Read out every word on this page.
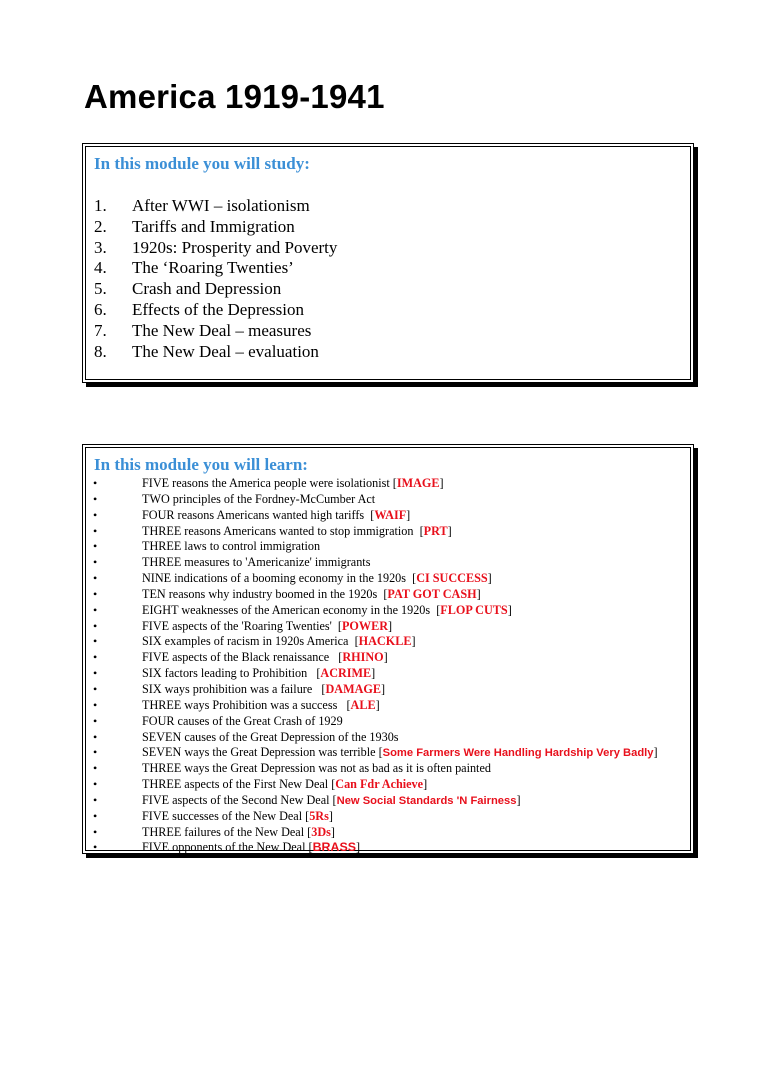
America 1919-1941
In this module you will study:
1. After WWI – isolationism
2. Tariffs and Immigration
3. 1920s: Prosperity and Poverty
4. The ‘Roaring Twenties’
5. Crash and Depression
6. Effects of the Depression
7. The New Deal – measures
8. The New Deal – evaluation
In this module you will learn:
•	FIVE reasons the America people were isolationist [IMAGE]
•	TWO principles of the Fordney-McCumber Act
•	FOUR reasons Americans wanted high tariffs  [WAIF]
•	THREE reasons Americans wanted to stop immigration  [PRT]
•	THREE laws to control immigration
•	THREE measures to 'Americanize' immigrants
•	NINE indications of a booming economy in the 1920s  [CI SUCCESS]
•	TEN reasons why industry boomed in the 1920s  [PAT GOT CASH]
•	EIGHT weaknesses of the American economy in the 1920s  [FLOP CUTS]
•	FIVE aspects of the 'Roaring Twenties'  [POWER]
•	SIX examples of racism in 1920s America  [HACKLE]
•	FIVE aspects of the Black renaissance   [RHINO]
•	SIX factors leading to Prohibition   [ACRIME]
•	SIX ways prohibition was a failure   [DAMAGE]
•	THREE ways Prohibition was a success   [ALE]
•	FOUR causes of the Great Crash of 1929
•	SEVEN causes of the Great Depression of the 1930s
•	SEVEN ways the Great Depression was terrible [Some Farmers Were Handling Hardship Very Badly]
•	THREE ways the Great Depression was not as bad as it is often painted
•	THREE aspects of the First New Deal [Can Fdr Achieve]
•	FIVE aspects of the Second New Deal [New Social Standards 'N Fairness]
•	FIVE successes of the New Deal [5Rs]
•	THREE failures of the New Deal [3Ds]
•	FIVE opponents of the New Deal [BRASS]
